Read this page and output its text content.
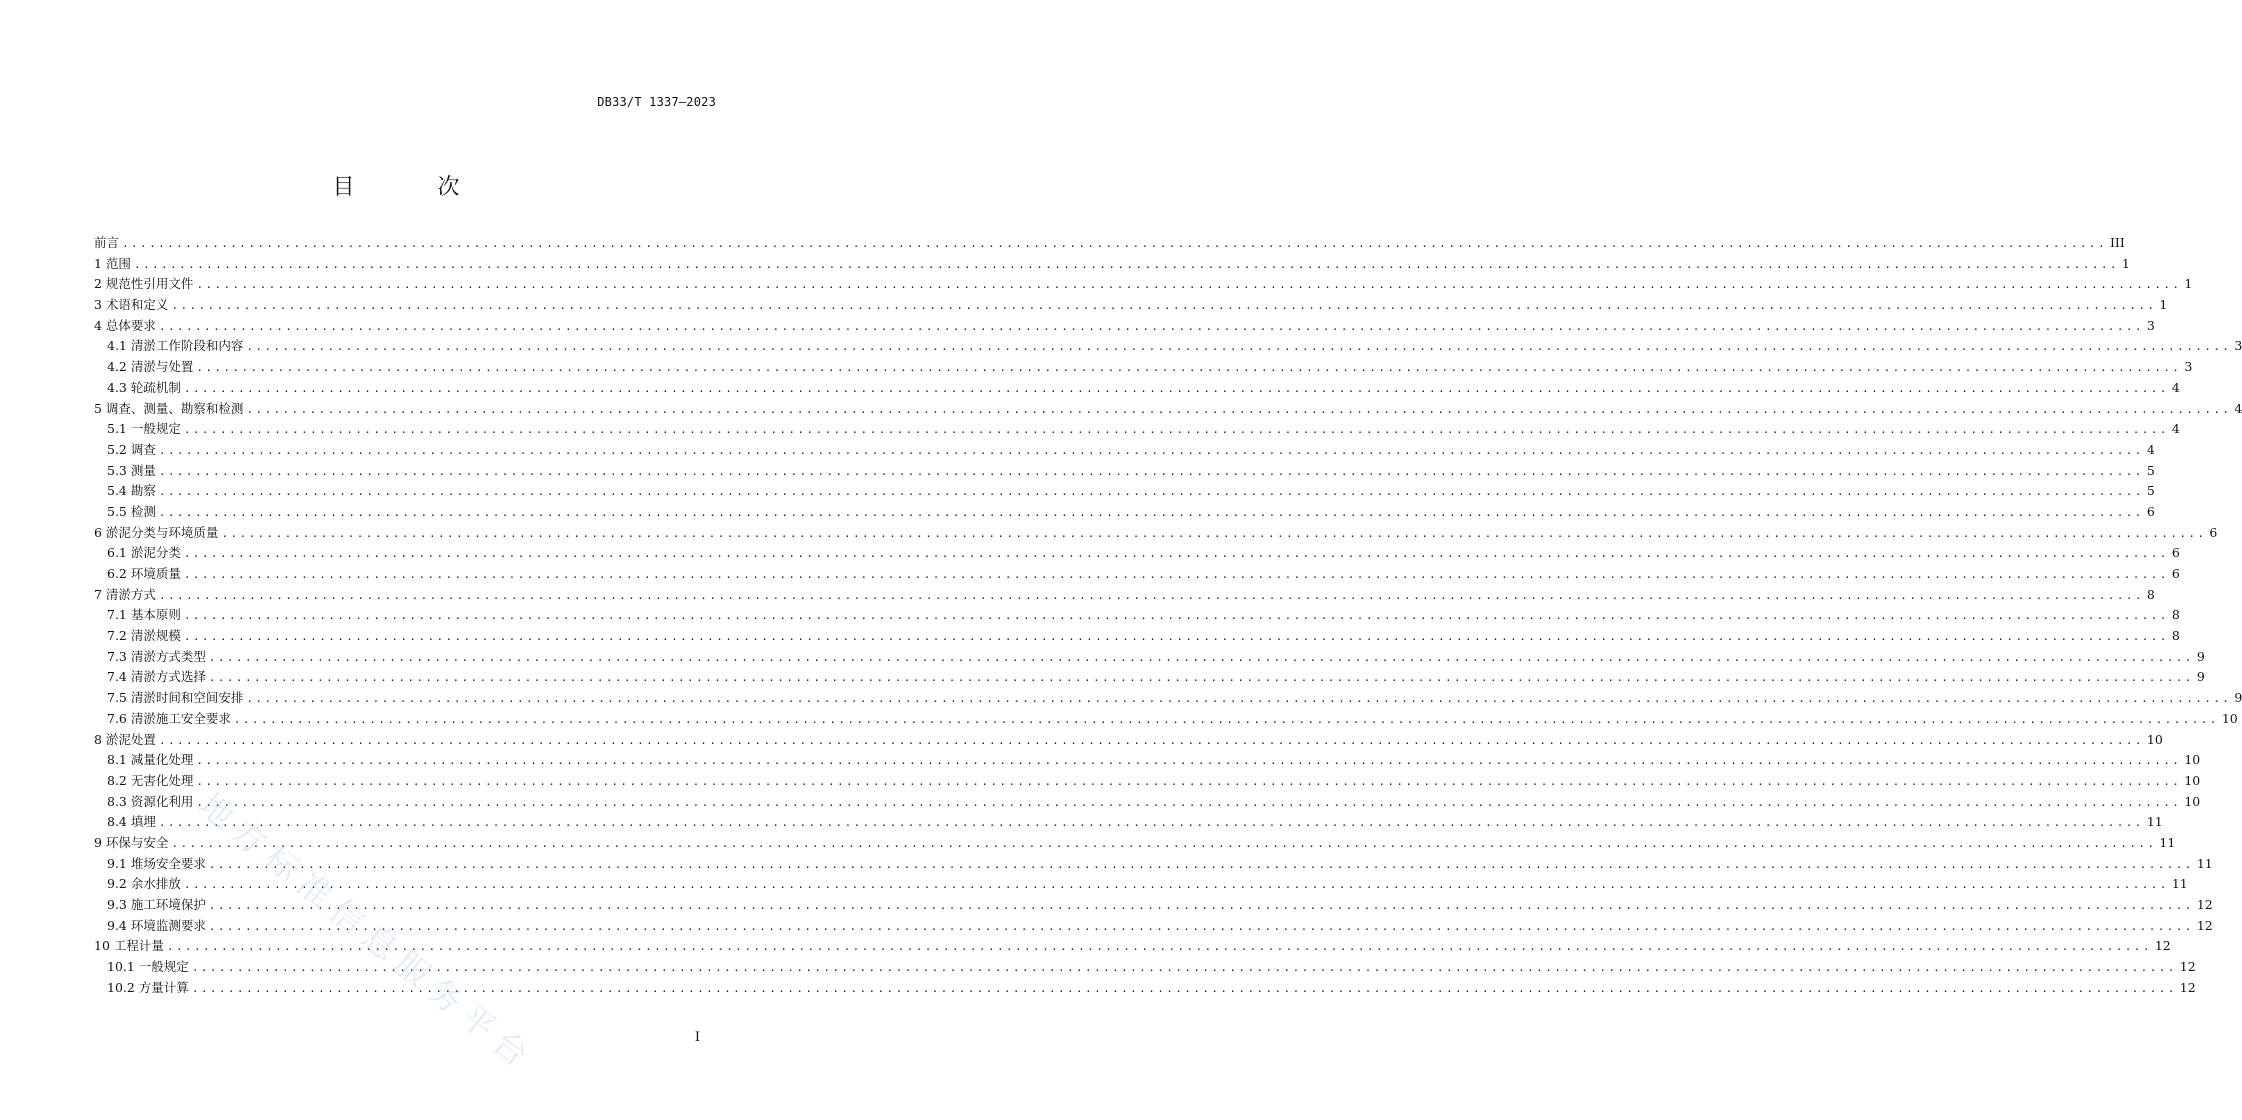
DB33/T 1337—2023
目 次
前言 ............................................................................................................................................................................................................................ III
1 范围 ............................................................................................................................................................................................................................ 1
2 规范性引用文件 ............................................................................................................................................................................................................................ 1
3 术语和定义 ............................................................................................................................................................................................................................ 1
4 总体要求 ............................................................................................................................................................................................................................ 3
4.1 清淤工作阶段和内容 ............................................................................................................................................................................................................................ 3
4.2 清淤与处置 ............................................................................................................................................................................................................................ 3
4.3 轮疏机制 ............................................................................................................................................................................................................................ 4
5 调查、测量、勘察和检测 ............................................................................................................................................................................................................................ 4
5.1 一般规定 ............................................................................................................................................................................................................................ 4
5.2 调查 ............................................................................................................................................................................................................................ 4
5.3 测量 ............................................................................................................................................................................................................................ 5
5.4 勘察 ............................................................................................................................................................................................................................ 5
5.5 检测 ............................................................................................................................................................................................................................ 6
6 淤泥分类与环境质量 ............................................................................................................................................................................................................................ 6
6.1 淤泥分类 ............................................................................................................................................................................................................................ 6
6.2 环境质量 ............................................................................................................................................................................................................................ 6
7 清淤方式 ............................................................................................................................................................................................................................ 8
7.1 基本原则 ............................................................................................................................................................................................................................ 8
7.2 清淤规模 ............................................................................................................................................................................................................................ 8
7.3 清淤方式类型 ............................................................................................................................................................................................................................ 9
7.4 清淤方式选择 ............................................................................................................................................................................................................................ 9
7.5 清淤时间和空间安排 ............................................................................................................................................................................................................................ 9
7.6 清淤施工安全要求 ............................................................................................................................................................................................................................ 10
8 淤泥处置 ............................................................................................................................................................................................................................ 10
8.1 减量化处理 ............................................................................................................................................................................................................................ 10
8.2 无害化处理 ............................................................................................................................................................................................................................ 10
8.3 资源化利用 ............................................................................................................................................................................................................................ 10
8.4 填埋 ............................................................................................................................................................................................................................ 11
9 环保与安全 ............................................................................................................................................................................................................................ 11
9.1 堆场安全要求 ............................................................................................................................................................................................................................ 11
9.2 余水排放 ............................................................................................................................................................................................................................ 11
9.3 施工环境保护 ............................................................................................................................................................................................................................ 12
9.4 环境监测要求 ............................................................................................................................................................................................................................ 12
10 工程计量 ............................................................................................................................................................................................................................ 12
10.1 一般规定 ............................................................................................................................................................................................................................ 12
10.2 方量计算 ............................................................................................................................................................................................................................ 12
I
地方标准信息服务平台
